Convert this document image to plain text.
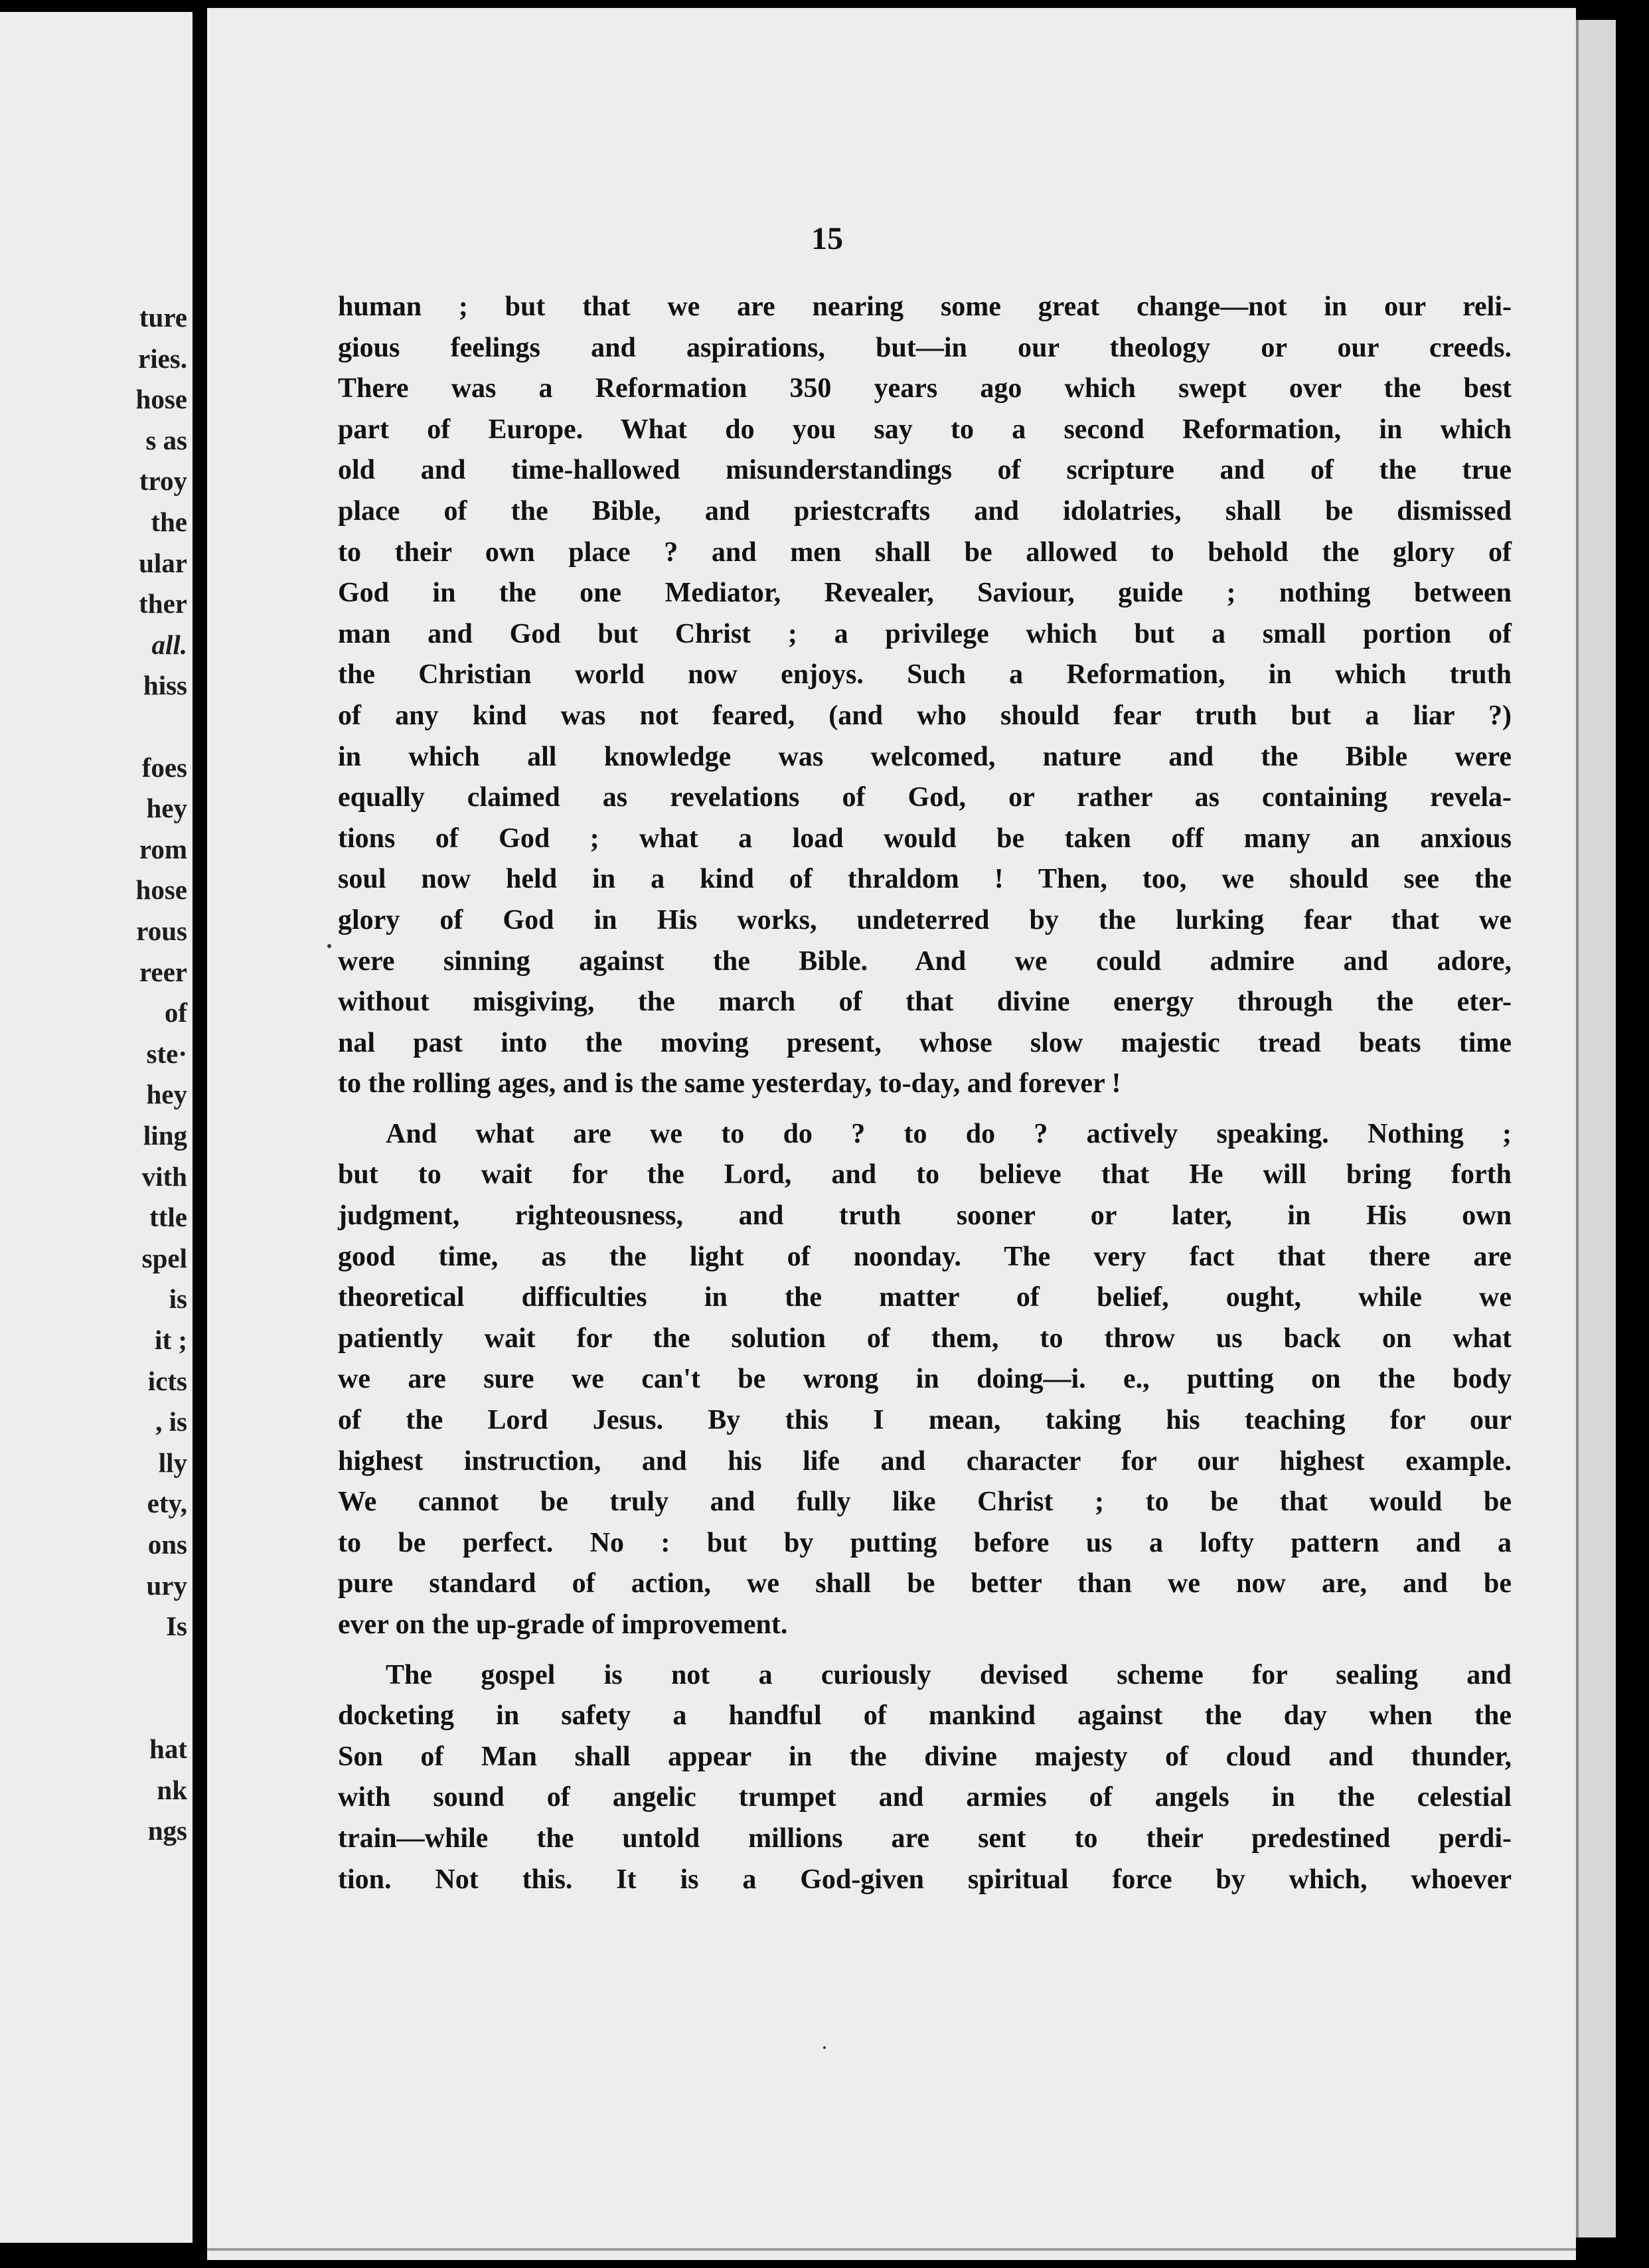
ture
ries.
hose
s as
troy
the
ular
ther
all.
hiss
foes
hey
rom
hose
rous
reer
of
ste·
hey
ling
vith
ttle
spel
is
it ;
icts
, is
lly
ety,
ons
ury
Is
hat
nk
ngs
15
human ; but that we are nearing some great change—not in our reli-
gious feelings and aspirations, but—in our theology or our creeds.
There was a Reformation 350 years ago which swept over the best
part of Europe. What do you say to a second Reformation, in which
old and time-hallowed misunderstandings of scripture and of the true
place of the Bible, and priestcrafts and idolatries, shall be dismissed
to their own place ? and men shall be allowed to behold the glory of
God in the one Mediator, Revealer, Saviour, guide ; nothing between
man and God but Christ ; a privilege which but a small portion of
the Christian world now enjoys. Such a Reformation, in which truth
of any kind was not feared, (and who should fear truth but a liar ?)
in which all knowledge was welcomed, nature and the Bible were
equally claimed as revelations of God, or rather as containing revela-
tions of God ; what a load would be taken off many an anxious
soul now held in a kind of thraldom ! Then, too, we should see the
glory of God in His works, undeterred by the lurking fear that we
were sinning against the Bible. And we could admire and adore,
without misgiving, the march of that divine energy through the eter-
nal past into the moving present, whose slow majestic tread beats time
to the rolling ages, and is the same yesterday, to-day, and forever !
And what are we to do ? to do ? actively speaking. Nothing ;
but to wait for the Lord, and to believe that He will bring forth
judgment, righteousness, and truth sooner or later, in His own
good time, as the light of noonday. The very fact that there are
theoretical difficulties in the matter of belief, ought, while we
patiently wait for the solution of them, to throw us back on what
we are sure we can't be wrong in doing—i. e., putting on the body
of the Lord Jesus. By this I mean, taking his teaching for our
highest instruction, and his life and character for our highest example.
We cannot be truly and fully like Christ ; to be that would be
to be perfect. No : but by putting before us a lofty pattern and a
pure standard of action, we shall be better than we now are, and be
ever on the up-grade of improvement.
The gospel is not a curiously devised scheme for sealing and
docketing in safety a handful of mankind against the day when the
Son of Man shall appear in the divine majesty of cloud and thunder,
with sound of angelic trumpet and armies of angels in the celestial
train—while the untold millions are sent to their predestined perdi-
tion. Not this. It is a God-given spiritual force by which, whoever
